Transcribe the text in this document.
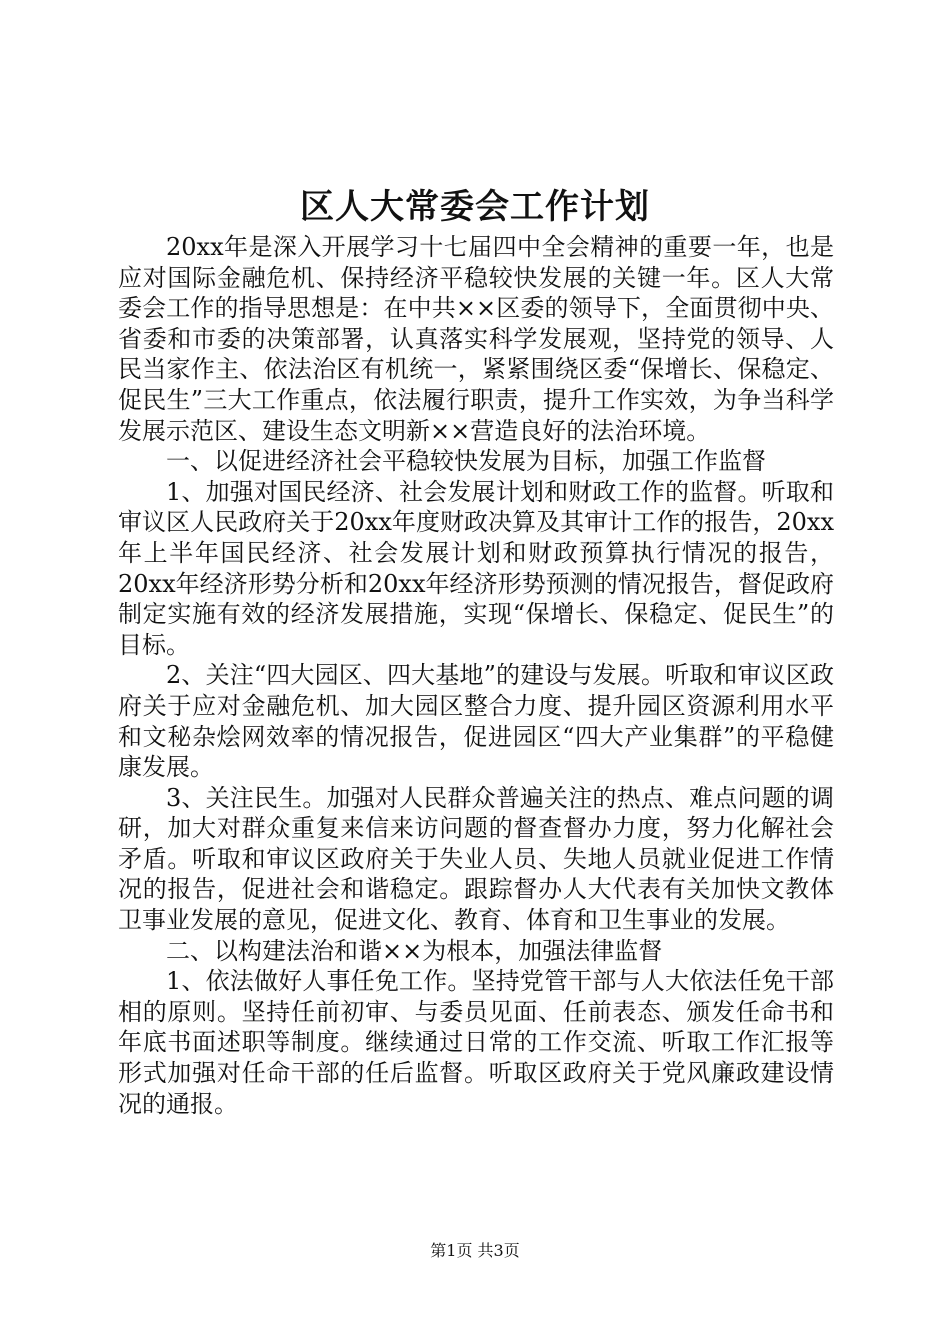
区人大常委会工作计划

20xx年是深入开展学习十七届四中全会精神的重要一年，也是应对国际金融危机、保持经济平稳较快发展的关键一年。区人大常委会工作的指导思想是：在中共××区委的领导下，全面贯彻中央、省委和市委的决策部署，认真落实科学发展观，坚持党的领导、人民当家作主、依法治区有机统一，紧紧围绕区委“保增长、保稳定、促民生”三大工作重点，依法履行职责，提升工作实效，为争当科学发展示范区、建设生态文明新××营造良好的法治环境。

一、以促进经济社会平稳较快发展为目标，加强工作监督

1、加强对国民经济、社会发展计划和财政工作的监督。听取和审议区人民政府关于20xx年度财政决算及其审计工作的报告，20xx年上半年国民经济、社会发展计划和财政预算执行情况的报告，20xx年经济形势分析和20xx年经济形势预测的情况报告，督促政府制定实施有效的经济发展措施，实现“保增长、保稳定、促民生”的目标。

2、关注“四大园区、四大基地”的建设与发展。听取和审议区政府关于应对金融危机、加大园区整合力度、提升园区资源利用水平和文秘杂烩网效率的情况报告，促进园区“四大产业集群”的平稳健康发展。

3、关注民生。加强对人民群众普遍关注的热点、难点问题的调研，加大对群众重复来信来访问题的督查督办力度，努力化解社会矛盾。听取和审议区政府关于失业人员、失地人员就业促进工作情况的报告，促进社会和谐稳定。跟踪督办人大代表有关加快文教体卫事业发展的意见，促进文化、教育、体育和卫生事业的发展。

二、以构建法治和谐××为根本，加强法律监督

1、依法做好人事任免工作。坚持党管干部与人大依法任免干部相的原则。坚持任前初审、与委员见面、任前表态、颁发任命书和年底书面述职等制度。继续通过日常的工作交流、听取工作汇报等形式加强对任命干部的任后监督。听取区政府关于党风廉政建设情况的通报。

第1页 共3页
